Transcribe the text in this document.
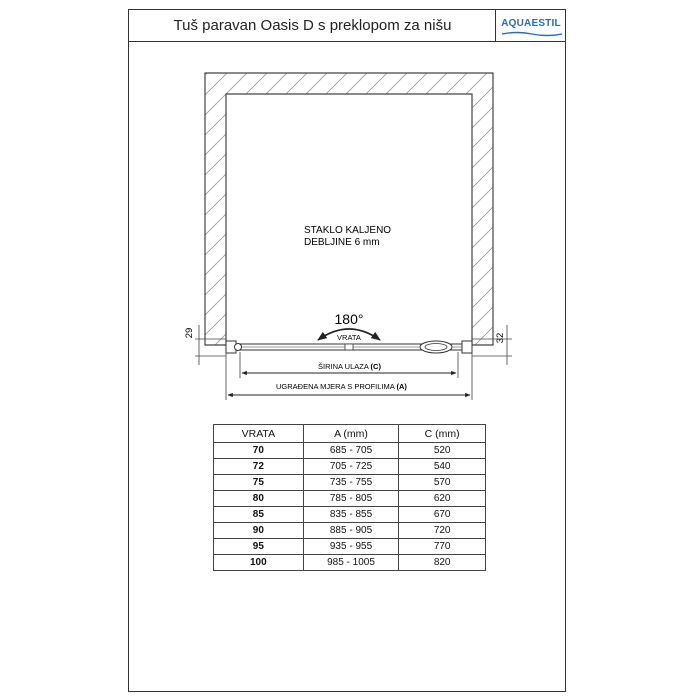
Tuš paravan Oasis D s preklopom za nišu	AQUAESTIL
STAKLO KALJENO
DEBLJINE 6 mm
180°
VRATA
29	32
ŠIRINA ULAZA (C)
UGRAĐENA MJERA S PROFILIMA (A)
VRATA	A (mm)	C (mm)
70	685 - 705	520
72	705 - 725	540
75	735 - 755	570
80	785 - 805	620
85	835 - 855	670
90	885 - 905	720
95	935 - 955	770
100	985 - 1005	820
